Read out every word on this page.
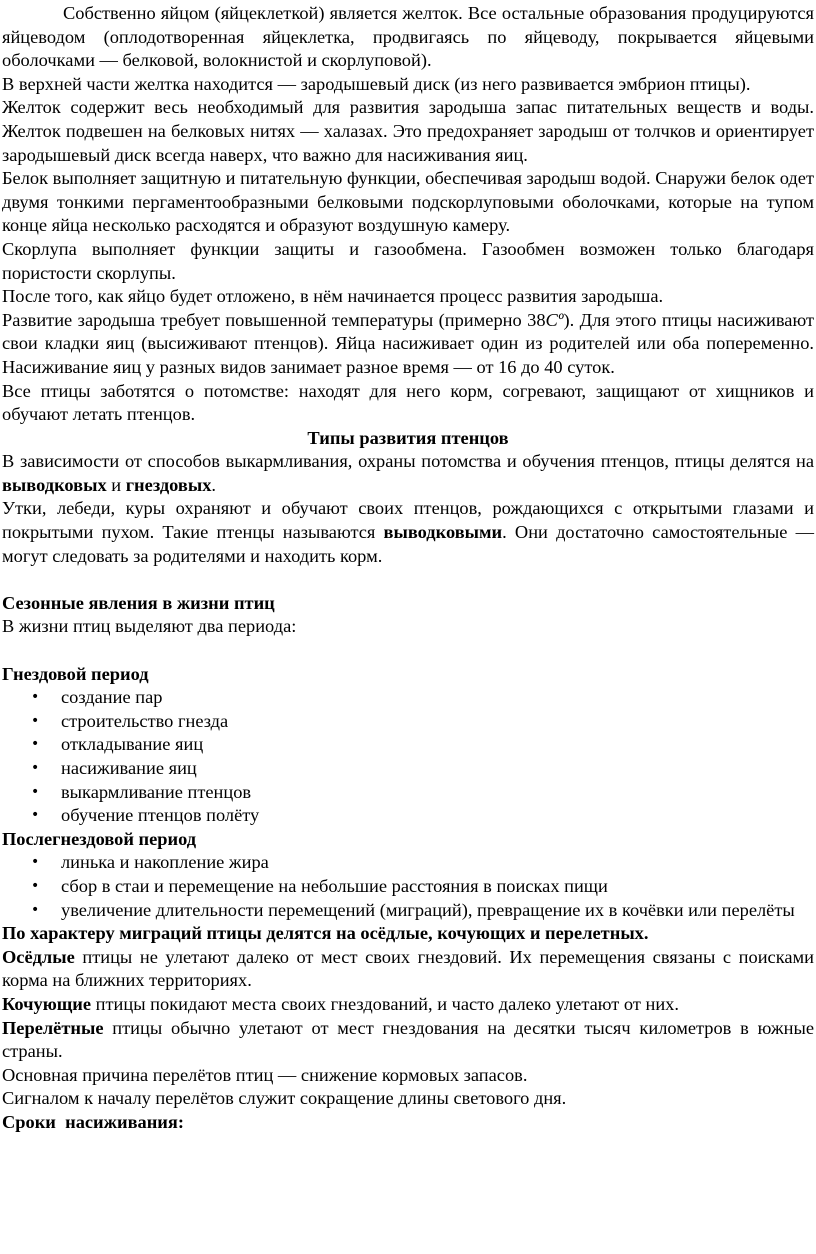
Собственно яйцом (яйцеклеткой) является желток. Все остальные образования продуцируются яйцеводом (оплодотворенная яйцеклетка, продвигаясь по яйцеводу, покрывается яйцевыми оболочками — белковой, волокнистой и скорлуповой).

В верхней части желтка находится — зародышевый диск (из него развивается эмбрион птицы).

Желток содержит весь необходимый для развития зародыша запас питательных веществ и воды. Желток подвешен на белковых нитях — халазах. Это предохраняет зародыш от толчков и ориентирует зародышевый диск всегда наверх, что важно для насиживания яиц.

Белок выполняет защитную и питательную функции, обеспечивая зародыш водой. Снаружи белок одет двумя тонкими пергаментообразными белковыми подскорлуповыми оболочками, которые на тупом конце яйца несколько расходятся и образуют воздушную камеру.

Скорлупа выполняет функции защиты и газообмена. Газообмен возможен только благодаря пористости скорлупы.

После того, как яйцо будет отложено, в нём начинается процесс развития зародыша.

Развитие зародыша требует повышенной температуры (примерно 38Cº). Для этого птицы насиживают свои кладки яиц (высиживают птенцов). Яйца насиживает один из родителей или оба попеременно. Насиживание яиц у разных видов занимает разное время — от 16 до 40 суток.

Все птицы заботятся о потомстве: находят для него корм, согревают, защищают от хищников и обучают летать птенцов.

Типы развития птенцов

В зависимости от способов выкармливания, охраны потомства и обучения птенцов, птицы делятся на выводковых и гнездовых.

Утки, лебеди, куры охраняют и обучают своих птенцов, рождающихся с открытыми глазами и покрытыми пухом. Такие птенцы называются выводковыми. Они достаточно самостоятельные — могут следовать за родителями и находить корм.

Сезонные явления в жизни птиц

В жизни птиц выделяют два периода:

Гнездовой период

• создание пар
• строительство гнезда
• откладывание яиц
• насиживание яиц
• выкармливание птенцов
• обучение птенцов полёту

Послегнездовой период

• линька и накопление жира
• сбор в стаи и перемещение на небольшие расстояния в поисках пищи
• увеличение длительности перемещений (миграций), превращение их в кочёвки или перелёты

По характеру миграций птицы делятся на осёдлые, кочующих и перелетных.

Осёдлые птицы не улетают далеко от мест своих гнездовий. Их перемещения связаны с поисками корма на ближних территориях.

Кочующие птицы покидают места своих гнездований, и часто далеко улетают от них.

Перелётные птицы обычно улетают от мест гнездования на десятки тысяч километров в южные страны.

Основная причина перелётов птиц — снижение кормовых запасов.

Сигналом к началу перелётов служит сокращение длины светового дня.

Сроки  насиживания:
